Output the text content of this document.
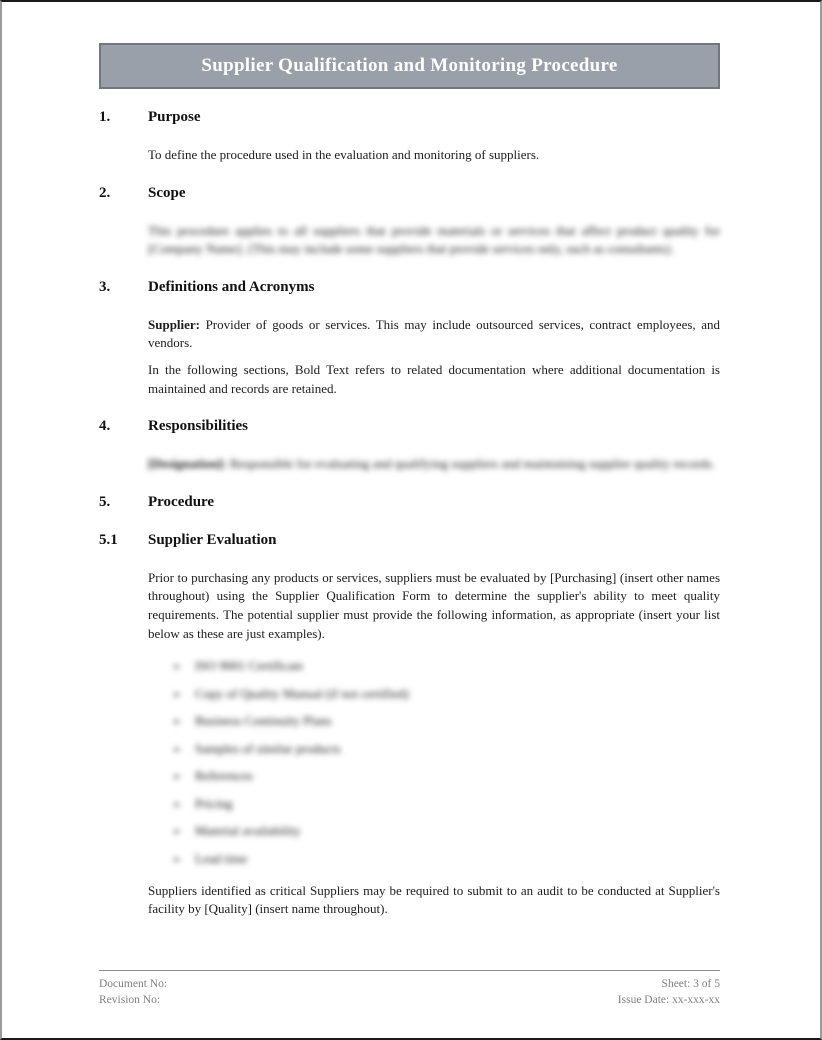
Supplier Qualification and Monitoring Procedure
1.	Purpose

To define the procedure used in the evaluation and monitoring of suppliers.

2.	Scope

This procedure applies to all suppliers that provide materials or services that affect product quality for [Company Name]. (This may include some suppliers that provide services only, such as consultants).

3.	Definitions and Acronyms

Supplier: Provider of goods or services. This may include outsourced services, contract employees, and vendors.

In the following sections, Bold Text refers to related documentation where additional documentation is maintained and records are retained.

4.	Responsibilities

[Designation]: Responsible for evaluating and qualifying suppliers and maintaining supplier quality records.

5.	Procedure
5.1	Supplier Evaluation

Prior to purchasing any products or services, suppliers must be evaluated by [Purchasing] (insert other names throughout) using the Supplier Qualification Form to determine the supplier's ability to meet quality requirements. The potential supplier must provide the following information, as appropriate (insert your list below as these are just examples).

➢ ISO 9001 Certificate
➢ Copy of Quality Manual (if not certified)
➢ Business Continuity Plans
➢ Samples of similar products
➢ References
➢ Pricing
➢ Material availability
➢ Lead time

Suppliers identified as critical Suppliers may be required to submit to an audit to be conducted at Supplier's facility by [Quality] (insert name throughout).

Document No:
Revision No:
Sheet: 3 of 5
Issue Date: xx-xxx-xx
